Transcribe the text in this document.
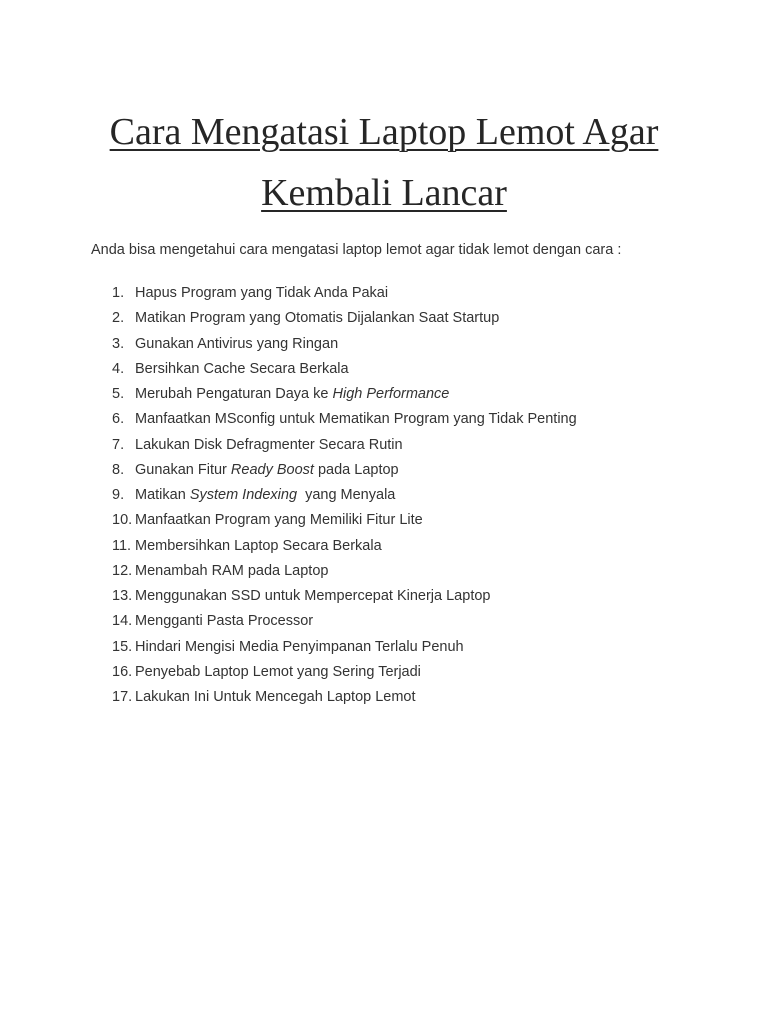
Cara Mengatasi Laptop Lemot Agar
Kembali Lancar

Anda bisa mengetahui cara mengatasi laptop lemot agar tidak lemot dengan cara :

1. Hapus Program yang Tidak Anda Pakai
2. Matikan Program yang Otomatis Dijalankan Saat Startup
3. Gunakan Antivirus yang Ringan
4. Bersihkan Cache Secara Berkala
5. Merubah Pengaturan Daya ke High Performance
6. Manfaatkan MSconfig untuk Mematikan Program yang Tidak Penting
7. Lakukan Disk Defragmenter Secara Rutin
8. Gunakan Fitur Ready Boost pada Laptop
9. Matikan System Indexing  yang Menyala
10. Manfaatkan Program yang Memiliki Fitur Lite
11. Membersihkan Laptop Secara Berkala
12. Menambah RAM pada Laptop
13. Menggunakan SSD untuk Mempercepat Kinerja Laptop
14. Mengganti Pasta Processor
15. Hindari Mengisi Media Penyimpanan Terlalu Penuh
16. Penyebab Laptop Lemot yang Sering Terjadi
17. Lakukan Ini Untuk Mencegah Laptop Lemot
